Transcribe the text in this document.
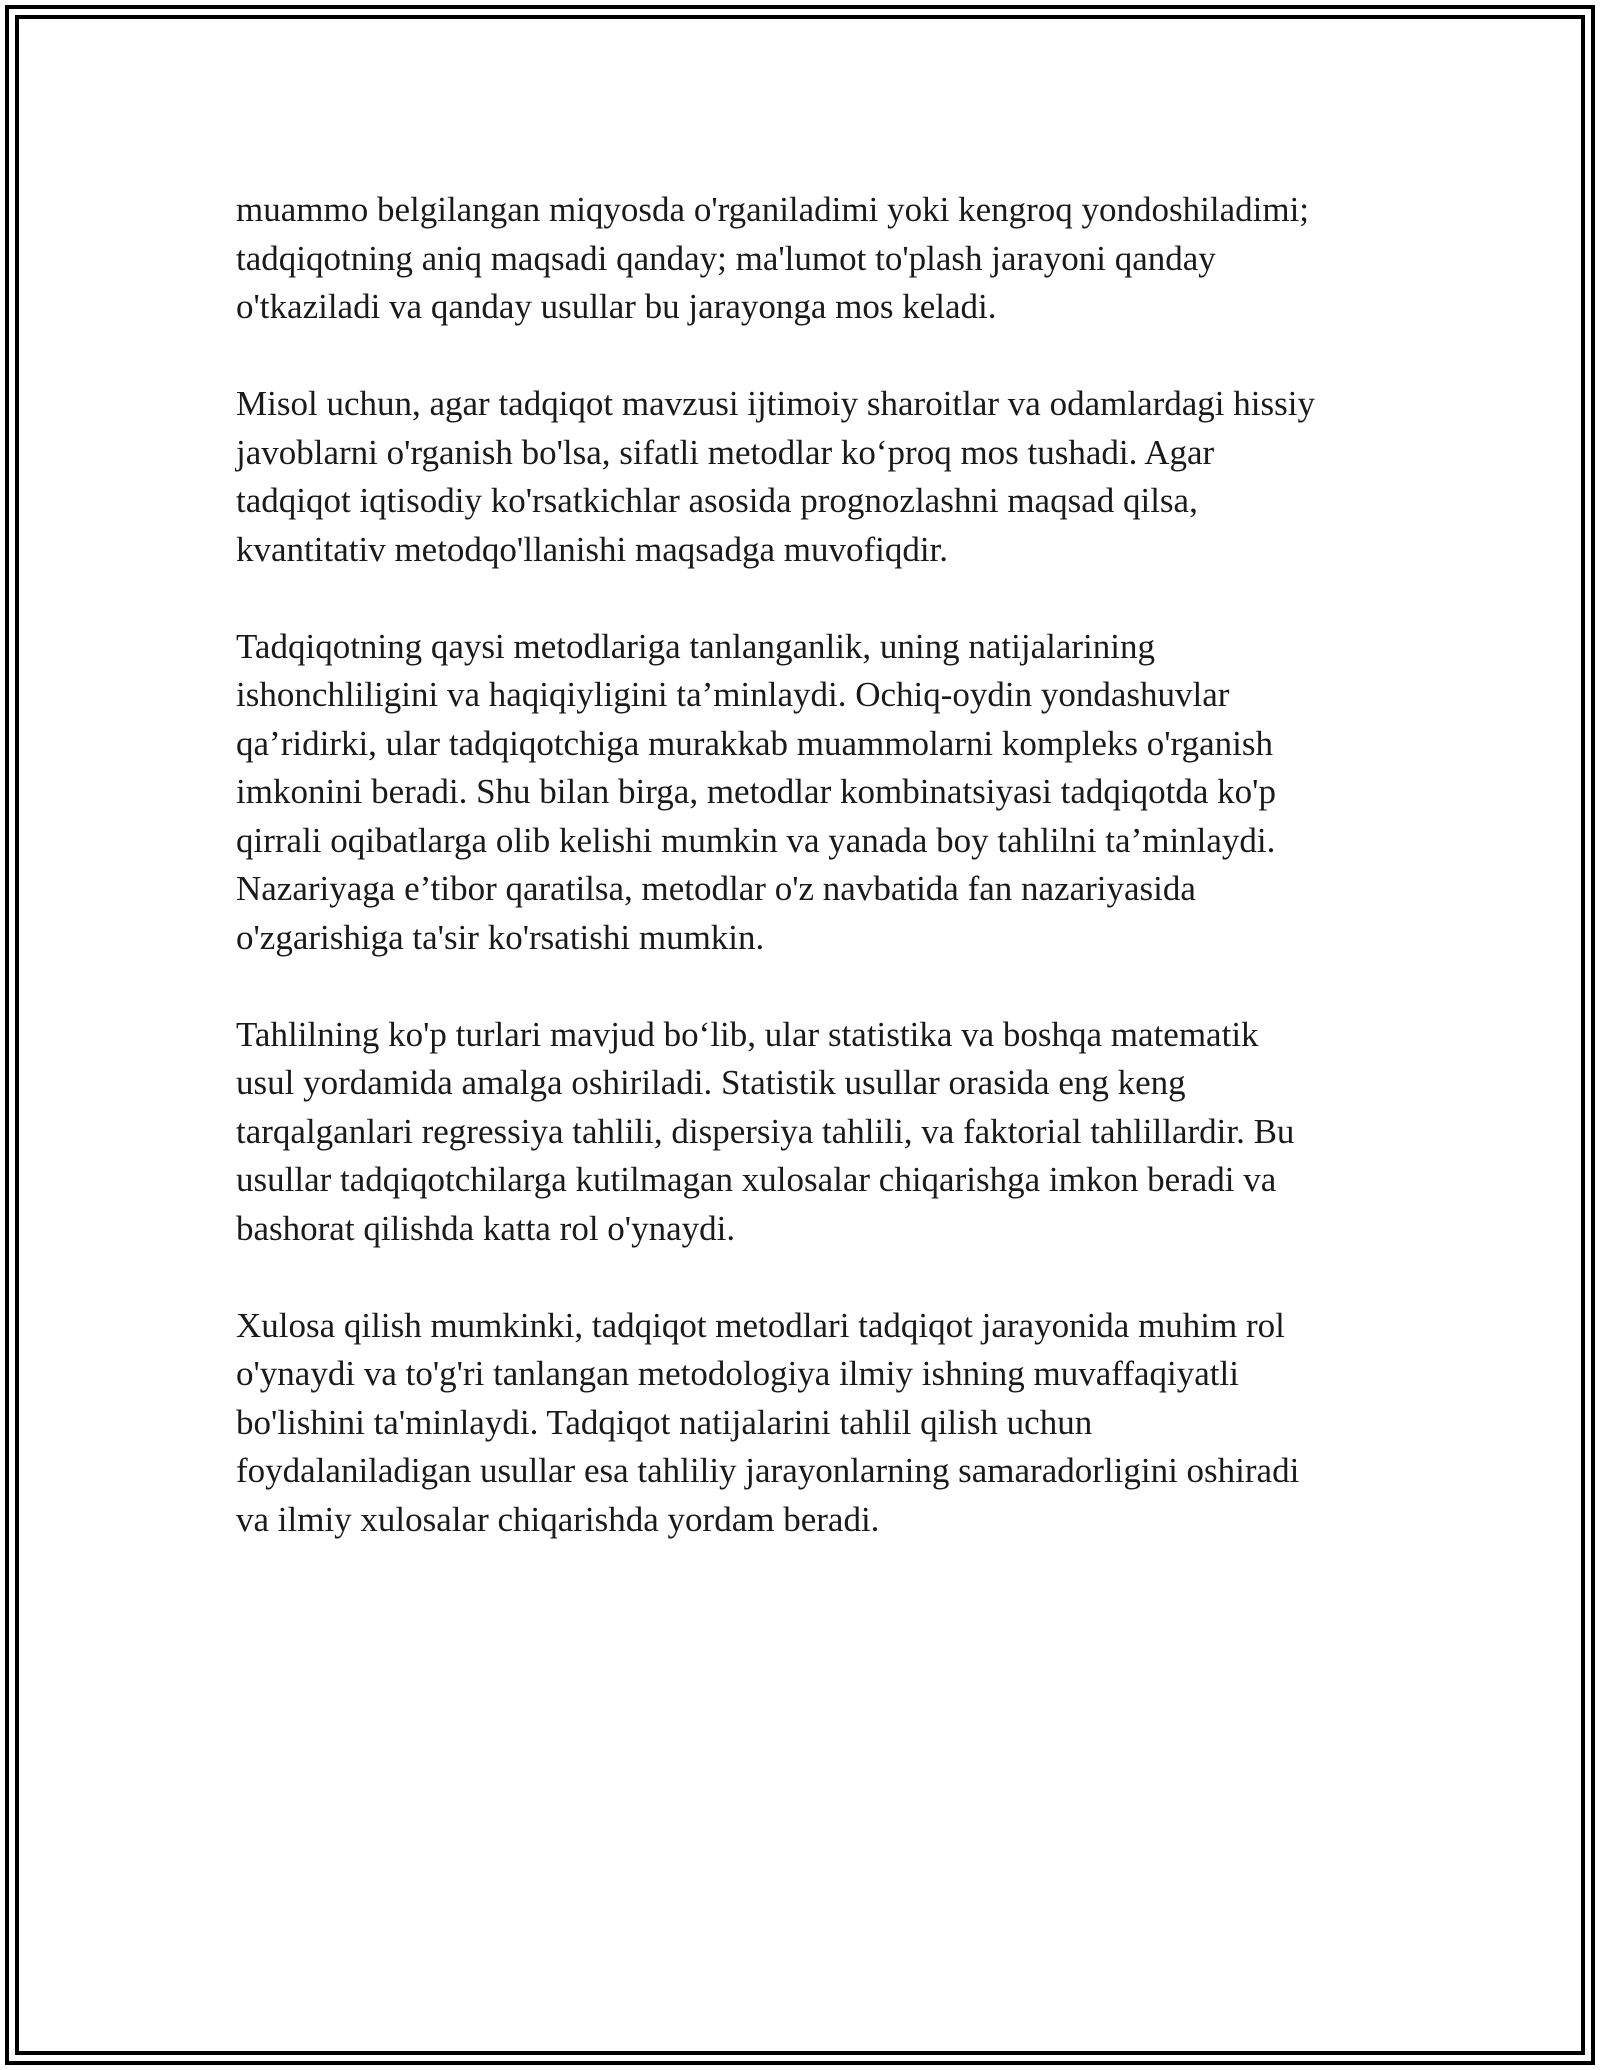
muammo belgilangan miqyosda o'rganiladimi yoki kengroq yondoshiladimi;
tadqiqotning aniq maqsadi qanday; ma'lumot to'plash jarayoni qanday
o'tkaziladi va qanday usullar bu jarayonga mos keladi.

Misol uchun, agar tadqiqot mavzusi ijtimoiy sharoitlar va odamlardagi hissiy
javoblarni o'rganish bo'lsa, sifatli metodlar ko‘proq mos tushadi. Agar
tadqiqot iqtisodiy ko'rsatkichlar asosida prognozlashni maqsad qilsa,
kvantitativ metodqo'llanishi maqsadga muvofiqdir.

Tadqiqotning qaysi metodlariga tanlanganlik, uning natijalarining
ishonchliligini va haqiqiyligini ta’minlaydi. Ochiq-oydin yondashuvlar
qa’ridirki, ular tadqiqotchiga murakkab muammolarni kompleks o'rganish
imkonini beradi. Shu bilan birga, metodlar kombinatsiyasi tadqiqotda ko'p
qirrali oqibatlarga olib kelishi mumkin va yanada boy tahlilni ta’minlaydi.
Nazariyaga e’tibor qaratilsa, metodlar o'z navbatida fan nazariyasida
o'zgarishiga ta'sir ko'rsatishi mumkin.

Tahlilning ko'p turlari mavjud bo‘lib, ular statistika va boshqa matematik
usul yordamida amalga oshiriladi. Statistik usullar orasida eng keng
tarqalganlari regressiya tahlili, dispersiya tahlili, va faktorial tahlillardir. Bu
usullar tadqiqotchilarga kutilmagan xulosalar chiqarishga imkon beradi va
bashorat qilishda katta rol o'ynaydi.

Xulosa qilish mumkinki, tadqiqot metodlari tadqiqot jarayonida muhim rol
o'ynaydi va to'g'ri tanlangan metodologiya ilmiy ishning muvaffaqiyatli
bo'lishini ta'minlaydi. Tadqiqot natijalarini tahlil qilish uchun
foydalaniladigan usullar esa tahliliy jarayonlarning samaradorligini oshiradi
va ilmiy xulosalar chiqarishda yordam beradi.
